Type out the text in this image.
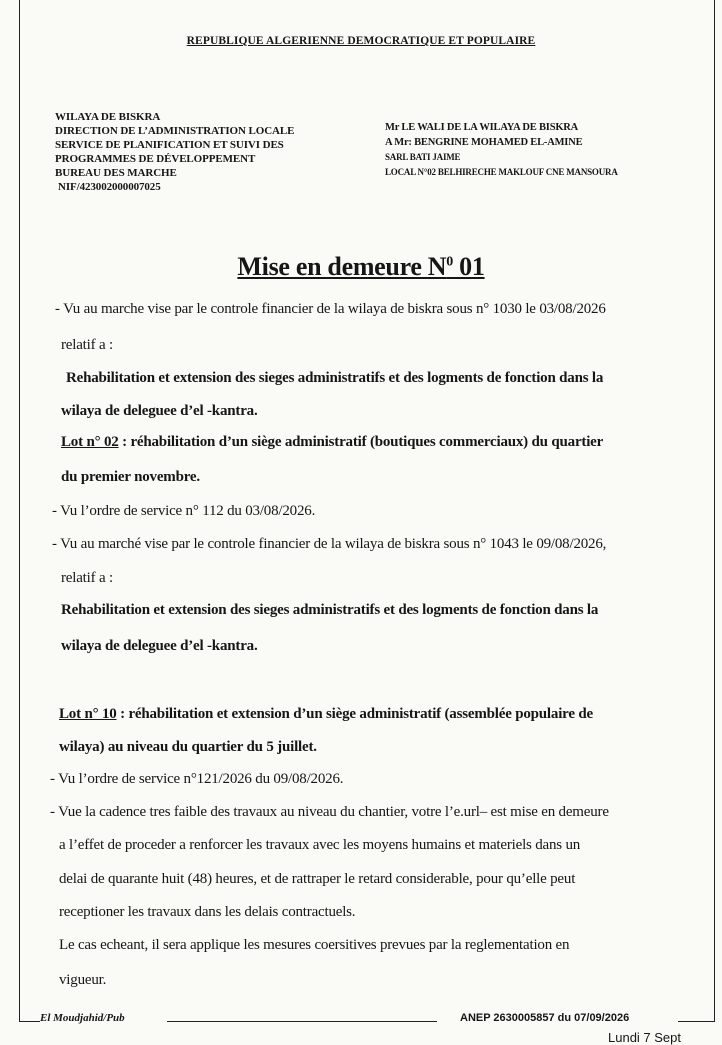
REPUBLIQUE ALGERIENNE DEMOCRATIQUE ET POPULAIRE
WILAYA DE BISKRA
DIRECTION DE L’ADMINISTRATION LOCALE
SERVICE DE PLANIFICATION ET SUIVI DES
PROGRAMMES DE DÉVELOPPEMENT
BUREAU DES MARCHE
NIF/423002000007025
Mr LE WALI DE LA WILAYA DE BISKRA
A Mr: BENGRINE MOHAMED EL-AMINE
SARL BATI JAIME
LOCAL N°02 BELHIRECHE MAKLOUF CNE MANSOURA
Mise en demeure $N^0$ 01
- Vu au marche vise par le controle financier de la wilaya de biskra sous n° 1030 le 03/08/2026
relatif a :
Rehabilitation et extension des sieges administratifs et des logments de fonction dans la
wilaya de deleguee d’el -kantra.
Lot n° 02 : réhabilitation d’un siège administratif (boutiques commerciaux) du quartier
du premier novembre.
- Vu l’ordre de service n° 112 du 03/08/2026.
- Vu au marché vise par le controle financier de la wilaya de biskra sous n° 1043 le 09/08/2026,
relatif a :
Rehabilitation et extension des sieges administratifs et des logments de fonction dans la
wilaya de deleguee d’el -kantra.
Lot n° 10 : réhabilitation et extension d’un siège administratif (assemblée populaire de
wilaya) au niveau du quartier du 5 juillet.
- Vu l’ordre de service n°121/2026 du 09/08/2026.
- Vue la cadence tres faible des travaux au niveau du chantier, votre l’e.url– est mise en demeure
a l’effet de proceder a renforcer les travaux avec les moyens humains et materiels dans un
delai de quarante huit (48) heures, et de rattraper le retard considerable, pour qu’elle peut
receptioner les travaux dans les delais contractuels.
Le cas echeant, il sera applique les mesures coersitives prevues par la reglementation en
vigueur.
El Moudjahid/Pub	ANEP 2630005857 du 07/09/2026
Lundi 7 Sept
